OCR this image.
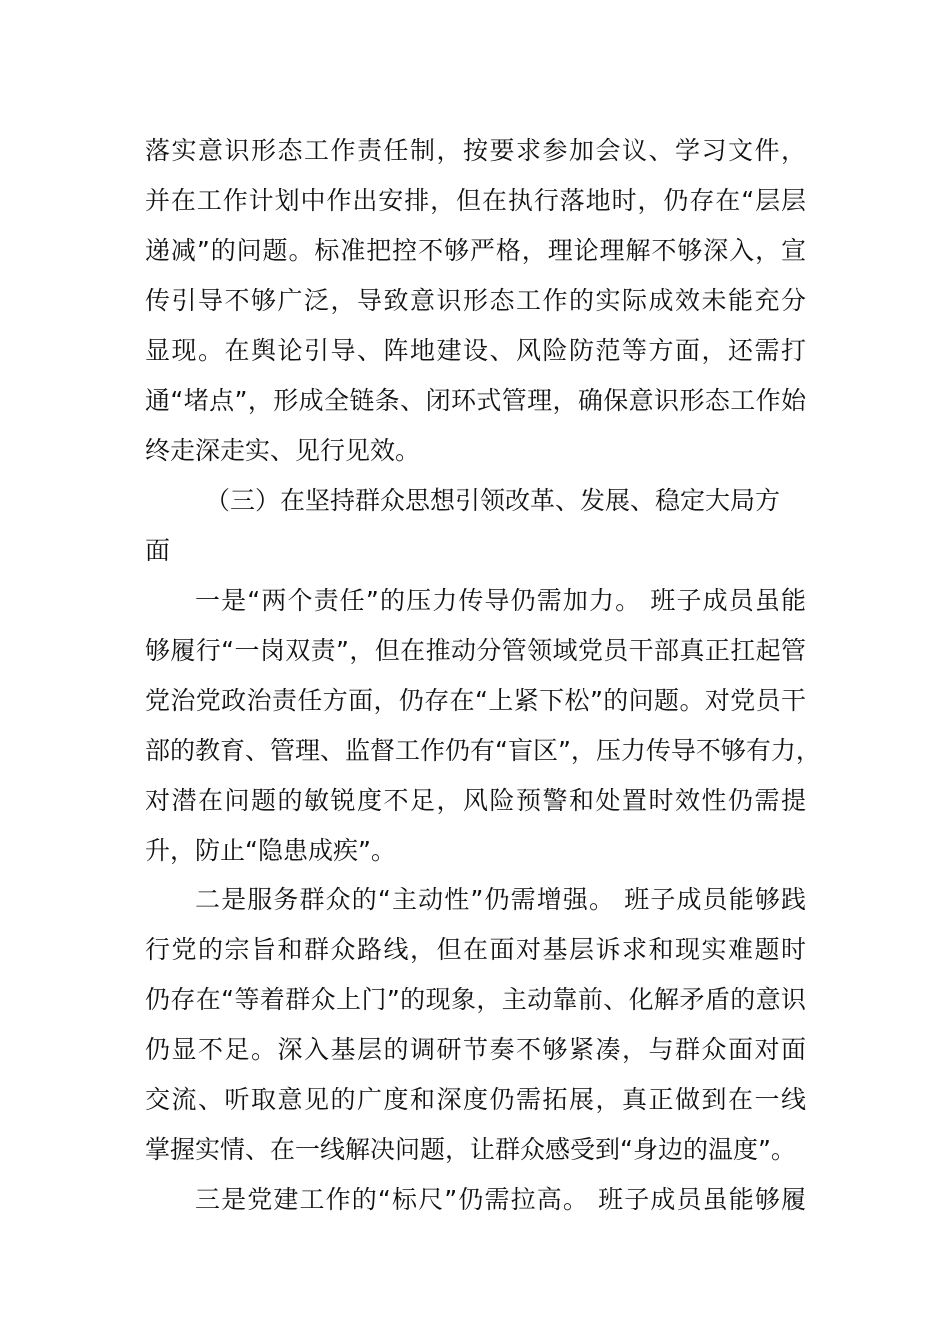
落实意识形态工作责任制，按要求参加会议、学习文件，

并在工作计划中作出安排，但在执行落地时，仍存在“层层

递减”的问题。标准把控不够严格，理论理解不够深入，宣

传引导不够广泛，导致意识形态工作的实际成效未能充分

显现。在舆论引导、阵地建设、风险防范等方面，还需打

通“堵点”，形成全链条、闭环式管理，确保意识形态工作始

终走深走实、见行见效。

（三）在坚持群众思想引领改革、发展、稳定大局方

面

一是“两个责任”的压力传导仍需加力。 班子成员虽能

够履行“一岗双责”，但在推动分管领域党员干部真正扛起管

党治党政治责任方面，仍存在“上紧下松”的问题。对党员干

部的教育、管理、监督工作仍有“盲区”，压力传导不够有力，

对潜在问题的敏锐度不足，风险预警和处置时效性仍需提

升，防止“隐患成疾”。

二是服务群众的“主动性”仍需增强。 班子成员能够践

行党的宗旨和群众路线，但在面对基层诉求和现实难题时

仍存在“等着群众上门”的现象，主动靠前、化解矛盾的意识

仍显不足。深入基层的调研节奏不够紧凑，与群众面对面

交流、听取意见的广度和深度仍需拓展，真正做到在一线

掌握实情、在一线解决问题，让群众感受到“身边的温度”。

三是党建工作的“标尺”仍需拉高。 班子成员虽能够履
